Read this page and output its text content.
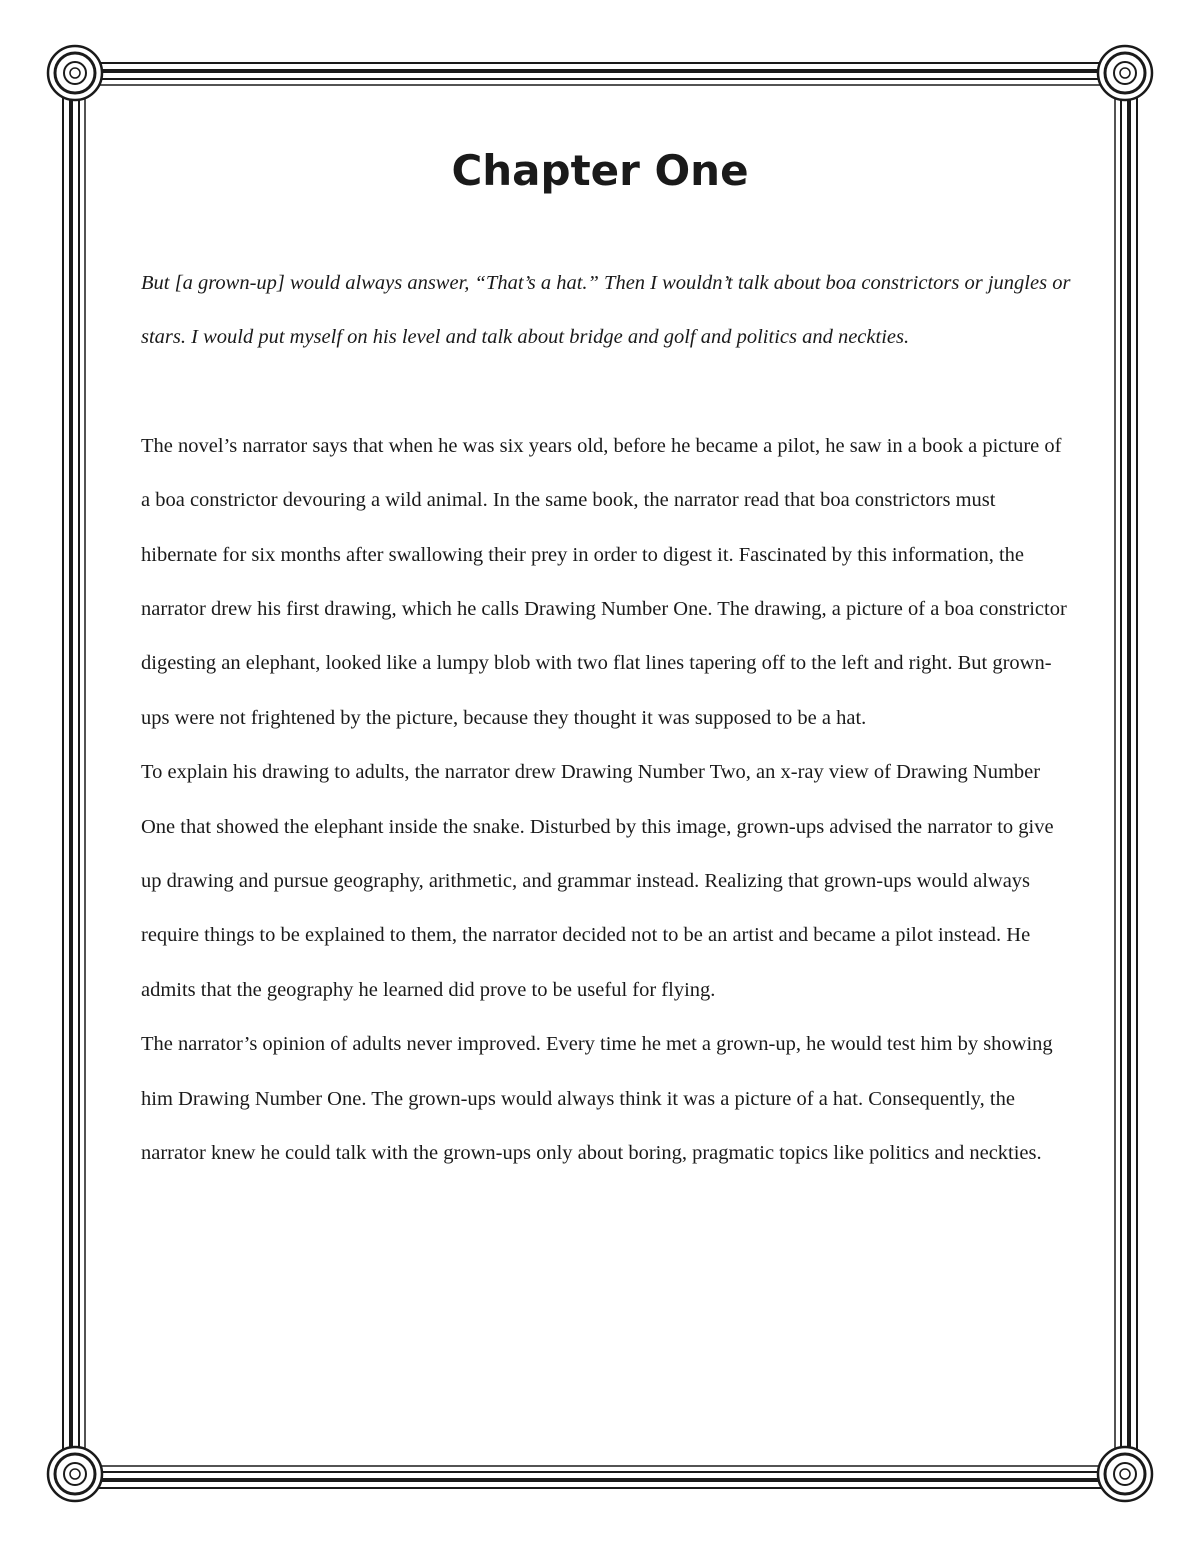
Chapter One

But [a grown-up] would always answer, “That’s a hat.” Then I wouldn’t talk about boa constrictors or jungles or stars. I would put myself on his level and talk about bridge and golf and politics and neckties.

The novel’s narrator says that when he was six years old, before he became a pilot, he saw in a book a picture of a boa constrictor devouring a wild animal. In the same book, the narrator read that boa constrictors must hibernate for six months after swallowing their prey in order to digest it. Fascinated by this information, the narrator drew his first drawing, which he calls Drawing Number One. The drawing, a picture of a boa constrictor digesting an elephant, looked like a lumpy blob with two flat lines tapering off to the left and right. But grown-ups were not frightened by the picture, because they thought it was supposed to be a hat.

To explain his drawing to adults, the narrator drew Drawing Number Two, an x-ray view of Drawing Number One that showed the elephant inside the snake. Disturbed by this image, grown-ups advised the narrator to give up drawing and pursue geography, arithmetic, and grammar instead. Realizing that grown-ups would always require things to be explained to them, the narrator decided not to be an artist and became a pilot instead. He admits that the geography he learned did prove to be useful for flying.

The narrator’s opinion of adults never improved. Every time he met a grown-up, he would test him by showing him Drawing Number One. The grown-ups would always think it was a picture of a hat. Consequently, the narrator knew he could talk with the grown-ups only about boring, pragmatic topics like politics and neckties.
